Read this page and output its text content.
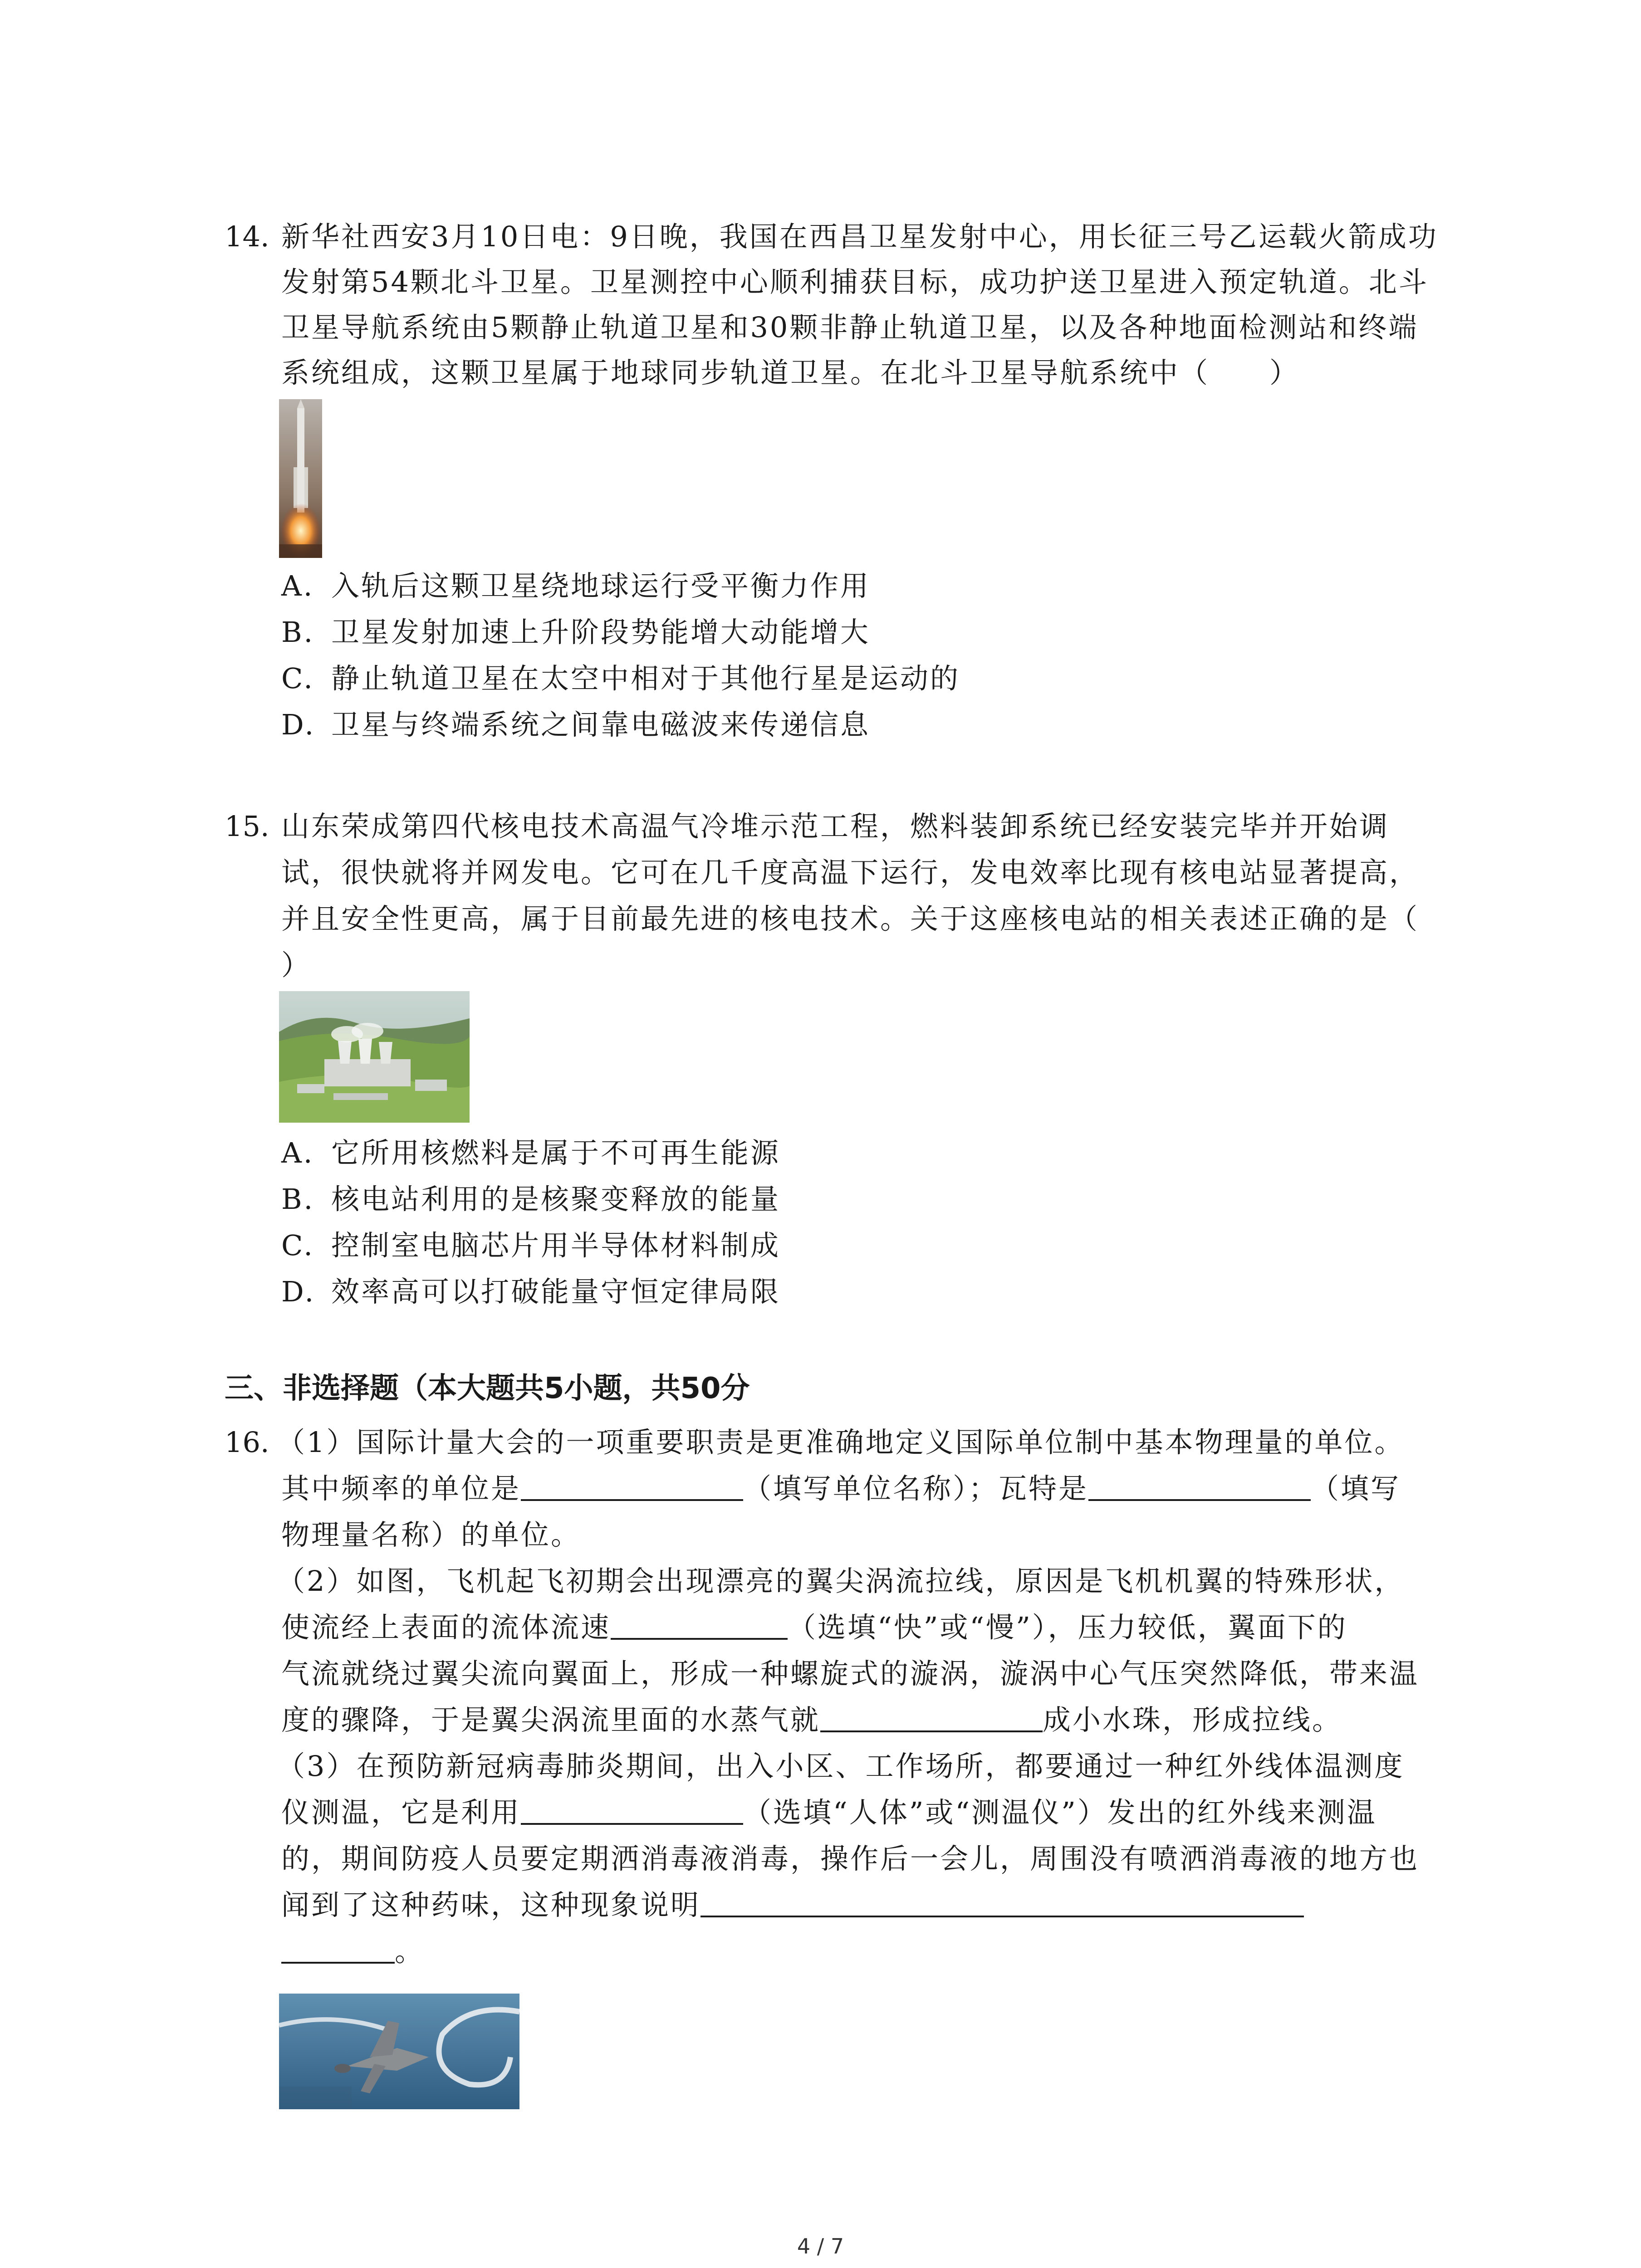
14. 新华社西安3月10日电：9日晚，我国在西昌卫星发射中心，用长征三号乙运载火箭成功
发射第54颗北斗卫星。卫星测控中心顺利捕获目标，成功护送卫星进入预定轨道。北斗
卫星导航系统由5颗静止轨道卫星和30颗非静止轨道卫星，以及各种地面检测站和终端
系统组成，这颗卫星属于地球同步轨道卫星。在北斗卫星导航系统中（　　）
A. 入轨后这颗卫星绕地球运行受平衡力作用
B. 卫星发射加速上升阶段势能增大动能增大
C. 静止轨道卫星在太空中相对于其他行星是运动的
D. 卫星与终端系统之间靠电磁波来传递信息
15. 山东荣成第四代核电技术高温气冷堆示范工程，燃料装卸系统已经安装完毕并开始调
试，很快就将并网发电。它可在几千度高温下运行，发电效率比现有核电站显著提高，
并且安全性更高，属于目前最先进的核电技术。关于这座核电站的相关表述正确的是（
）
A. 它所用核燃料是属于不可再生能源
B. 核电站利用的是核聚变释放的能量
C. 控制室电脑芯片用半导体材料制成
D. 效率高可以打破能量守恒定律局限
三、非选择题（本大题共5小题，共50分
16. （1）国际计量大会的一项重要职责是更准确地定义国际单位制中基本物理量的单位。
其中频率的单位是	（填写单位名称）；瓦特是	（填写
物理量名称）的单位。
（2）如图，飞机起飞初期会出现漂亮的翼尖涡流拉线，原因是飞机机翼的特殊形状，
使流经上表面的流体流速	（选填“快”或“慢”），压力较低，翼面下的
气流就绕过翼尖流向翼面上，形成一种螺旋式的漩涡，漩涡中心气压突然降低，带来温
度的骤降，于是翼尖涡流里面的水蒸气就	成小水珠，形成拉线。
（3）在预防新冠病毒肺炎期间，出入小区、工作场所，都要通过一种红外线体温测度
仪测温，它是利用	（选填“人体”或“测温仪”）发出的红外线来测温
的，期间防疫人员要定期洒消毒液消毒，操作后一会儿，周围没有喷洒消毒液的地方也
闻到了这种药味，这种现象说明
。
4 / 7
